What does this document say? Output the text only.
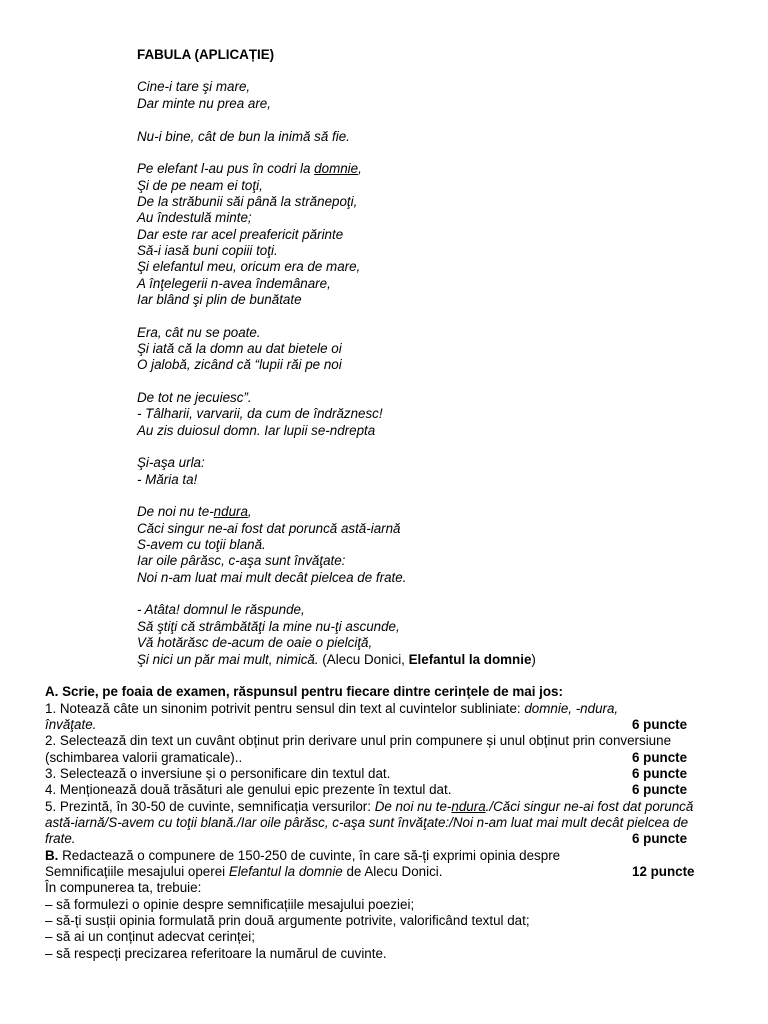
FABULA (APLICAȚIE)
Cine-i tare şi mare,
Dar minte nu prea are,
Nu-i bine, cât de bun la inimă să fie.
Pe elefant l-au pus în codri la domnie,
Şi de pe neam ei toţi,
De la străbunii săi până la strănepoţi,
Au îndestulă minte;
Dar este rar acel preafericit părinte
Să-i iasă buni copiii toţi.
Şi elefantul meu, oricum era de mare,
A înţelegerii n-avea îndemânare,
Iar blând şi plin de bunătate
Era, cât nu se poate.
Şi iată că la domn au dat bietele oi
O jalobă, zicând că “lupii răi pe noi
De tot ne jecuiesc”.
- Tâlharii, varvarii, da cum de îndrăznesc!
Au zis duiosul domn. Iar lupii se-ndrepta
Şi-aşa urla:
- Măria ta!
De noi nu te-ndura,
Căci singur ne-ai fost dat poruncă astă-iarnă
S-avem cu toţii blană.
Iar oile pârăsc, c-aşa sunt învăţate:
Noi n-am luat mai mult decât pielcea de frate.
- Atâta! domnul le răspunde,
Să ştiţi că strâmbătăţi la mine nu-ţi ascunde,
Vă hotărăsc de-acum de oaie o pielciţă,
Şi nici un păr mai mult, nimică. (Alecu Donici, Elefantul la domnie)
A. Scrie, pe foaia de examen, răspunsul pentru fiecare dintre cerințele de mai jos:
1. Notează câte un sinonim potrivit pentru sensul din text al cuvintelor subliniate: domnie, -ndura,
învăţate.	6 puncte
2. Selectează din text un cuvânt obținut prin derivare unul prin compunere și unul obținut prin conversiune
(schimbarea valorii gramaticale)..	6 puncte
3. Selectează o inversiune și o personificare din textul dat.	6 puncte
4. Menționează două trăsături ale genului epic prezente în textul dat.	6 puncte
5. Prezintă, în 30-50 de cuvinte, semnificația versurilor: De noi nu te-ndura./Căci singur ne-ai fost dat poruncă
astă-iarnă/S-avem cu toţii blană./Iar oile pârăsc, c-aşa sunt învăţate:/Noi n-am luat mai mult decât pielcea de
frate.	6 puncte
B. Redactează o compunere de 150-250 de cuvinte, în care să-ți exprimi opinia despre
Semnificațiile mesajului operei Elefantul la domnie de Alecu Donici.	12 puncte
În compunerea ta, trebuie:
– să formulezi o opinie despre semnificațiile mesajului poeziei;
– să-ți susții opinia formulată prin două argumente potrivite, valorificând textul dat;
– să ai un conținut adecvat cerinței;
– să respecți precizarea referitoare la numărul de cuvinte.
